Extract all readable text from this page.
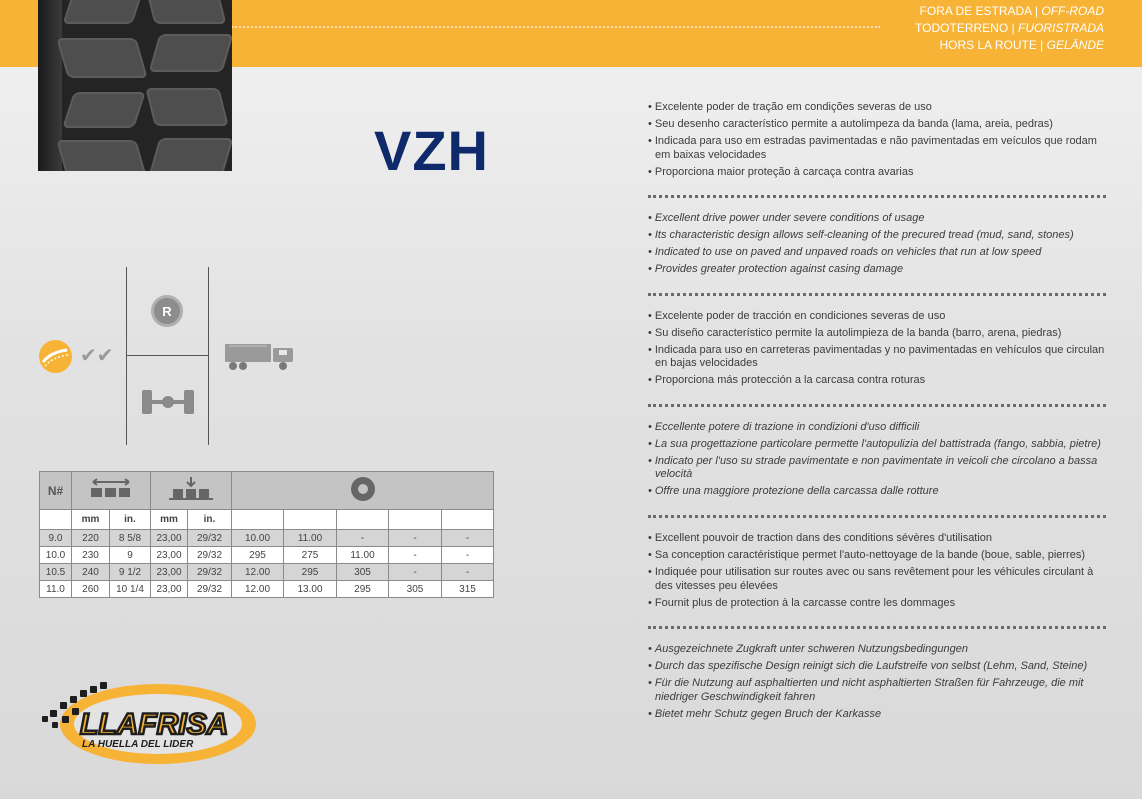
FORA DE ESTRADA | OFF-ROAD
TODOTERRENO | FUORISTRADA
HORS LA ROUTE | GELÄNDE
VZH
R
✔✔
N#			
	mm	in.	mm	in.					
9.0	220	8 5/8	23,00	29/32	10.00	11.00	-	-	-
10.0	230	9	23,00	29/32	295	275	11.00	-	-
10.5	240	9 1/2	23,00	29/32	12.00	295	305	-	-
11.0	260	10 1/4	23,00	29/32	12.00	13.00	295	305	315
• Excelente poder de tração em condições severas de uso
• Seu desenho característico permite a autolimpeza da banda (lama, areia, pedras)
• Indicada para uso em estradas pavimentadas e não pavimentadas em veículos que rodam em baixas velocidades
• Proporciona maior proteção à carcaça contra avarias
• Excellent drive power under severe conditions of usage
• Its characteristic design allows self-cleaning of the precured tread (mud, sand, stones)
• Indicated to use on paved and unpaved roads on vehicles that run at low speed
• Provides greater protection against casing damage
• Excelente poder de tracción en condiciones severas de uso
• Su diseño característico permite la autolimpieza de la banda (barro, arena, piedras)
• Indicada para uso en carreteras pavimentadas y no pavimentadas en vehículos que circulan en bajas velocidades
• Proporciona más protección a la carcasa contra roturas
• Eccellente potere di trazione in condizioni d'uso difficili
• La sua progettazione particolare permette l'autopulizia del battistrada (fango, sabbia, pietre)
• Indicato per l'uso su strade pavimentate e non pavimentate in veicoli che circolano a bassa velocità
• Offre una maggiore protezione della carcassa dalle rotture
• Excellent pouvoir de traction dans des conditions sévères d'utilisation
• Sa conception caractéristique permet l'auto-nettoyage de la bande (boue, sable, pierres)
• Indiquée pour utilisation sur routes avec ou sans revêtement pour les véhicules circulant à des vitesses peu élevées
• Fournit plus de protection à la carcasse contre les dommages
• Ausgezeichnete Zugkraft unter schweren Nutzungsbedingungen
• Durch das spezifische Design reinigt sich die Laufstreife von selbst (Lehm, Sand, Steine)
• Für die Nutzung auf asphaltierten und nicht asphaltierten Straßen für Fahrzeuge, die mit niedriger Geschwindigkeit fahren
• Bietet mehr Schutz gegen Bruch der Karkasse
LLAFRISA
LA HUELLA DEL LIDER
